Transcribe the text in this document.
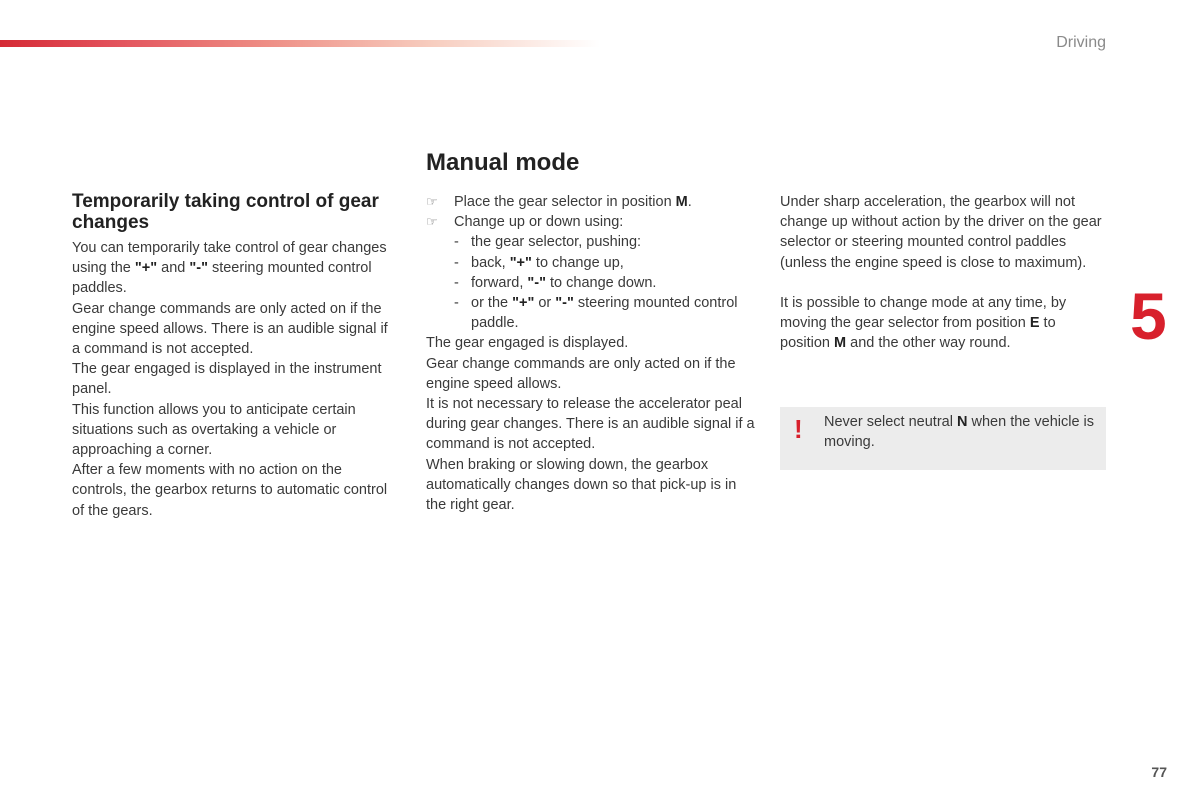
Driving
5
77
Manual mode
Temporarily taking control of gear changes

You can temporarily take control of gear changes using the "+" and "-" steering mounted control paddles.

Gear change commands are only acted on if the engine speed allows. There is an audible signal if a command is not accepted.

The gear engaged is displayed in the instrument panel.

This function allows you to anticipate certain situations such as overtaking a vehicle or approaching a corner.

After a few moments with no action on the controls, the gearbox returns to automatic control of the gears.

☞ Place the gear selector in position M.
☞ Change up or down using:
- the gear selector, pushing:
- back, "+" to change up,
- forward, "-" to change down.
- or the "+" or "-" steering mounted control paddle.

The gear engaged is displayed.

Gear change commands are only acted on if the engine speed allows.

It is not necessary to release the accelerator peal during gear changes. There is an audible signal if a command is not accepted.

When braking or slowing down, the gearbox automatically changes down so that pick-up is in the right gear.

Under sharp acceleration, the gearbox will not change up without action by the driver on the gear selector or steering mounted control paddles (unless the engine speed is close to maximum).

It is possible to change mode at any time, by moving the gear selector from position E to position M and the other way round.

! Never select neutral N when the vehicle is moving.
